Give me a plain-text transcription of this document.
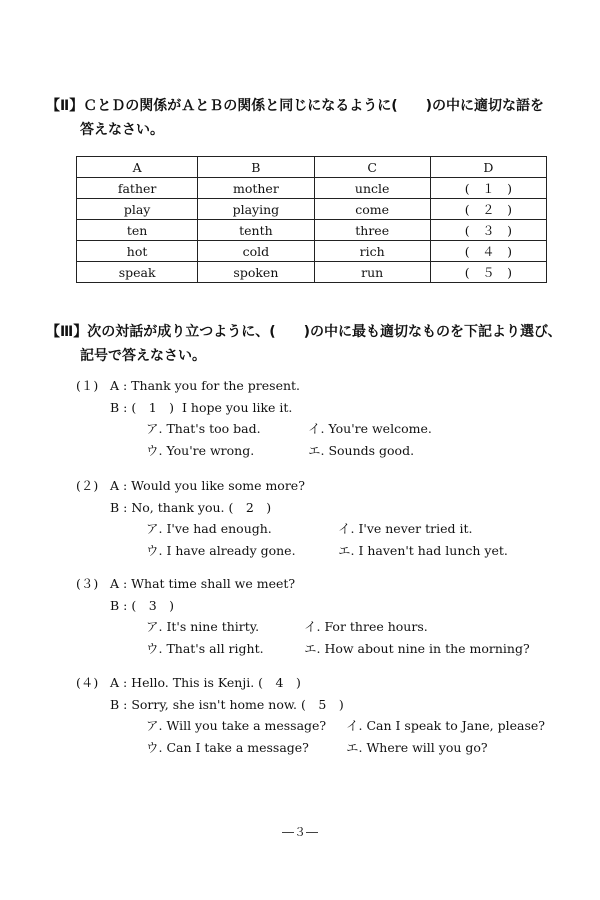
【Ⅱ】ＣとＤの関係がＡとＢの関係と同じになるように(　　)の中に適切な語を
答えなさい。
A	B	C	D
father	mother	uncle	(　１　)
play	playing	come	(　２　)
ten	tenth	three	(　３　)
hot	cold	rich	(　４　)
speak	spoken	run	(　５　)
【Ⅲ】次の対話が成り立つように、(　　)の中に最も適切なものを下記より選び、
記号で答えなさい。
(１) A : Thank you for the present.
B : (　1　)  I hope you like it.
ア. That's too bad.	イ. You're welcome.
ウ. You're wrong.	エ. Sounds good.
(２) A : Would you like some more?
B : No, thank you. (　2　)
ア. I've had enough.	イ. I've never tried it.
ウ. I have already gone.	エ. I haven't had lunch yet.
(３) A : What time shall we meet?
B : (　3　)
ア. It's nine thirty.	イ. For three hours.
ウ. That's all right.	エ. How about nine in the morning?
(４) A : Hello. This is Kenji. (　4　)
B : Sorry, she isn't home now. (　5　)
ア. Will you take a message? イ. Can I speak to Jane, please?
ウ. Can I take a message?	エ. Where will you go?
―３―
